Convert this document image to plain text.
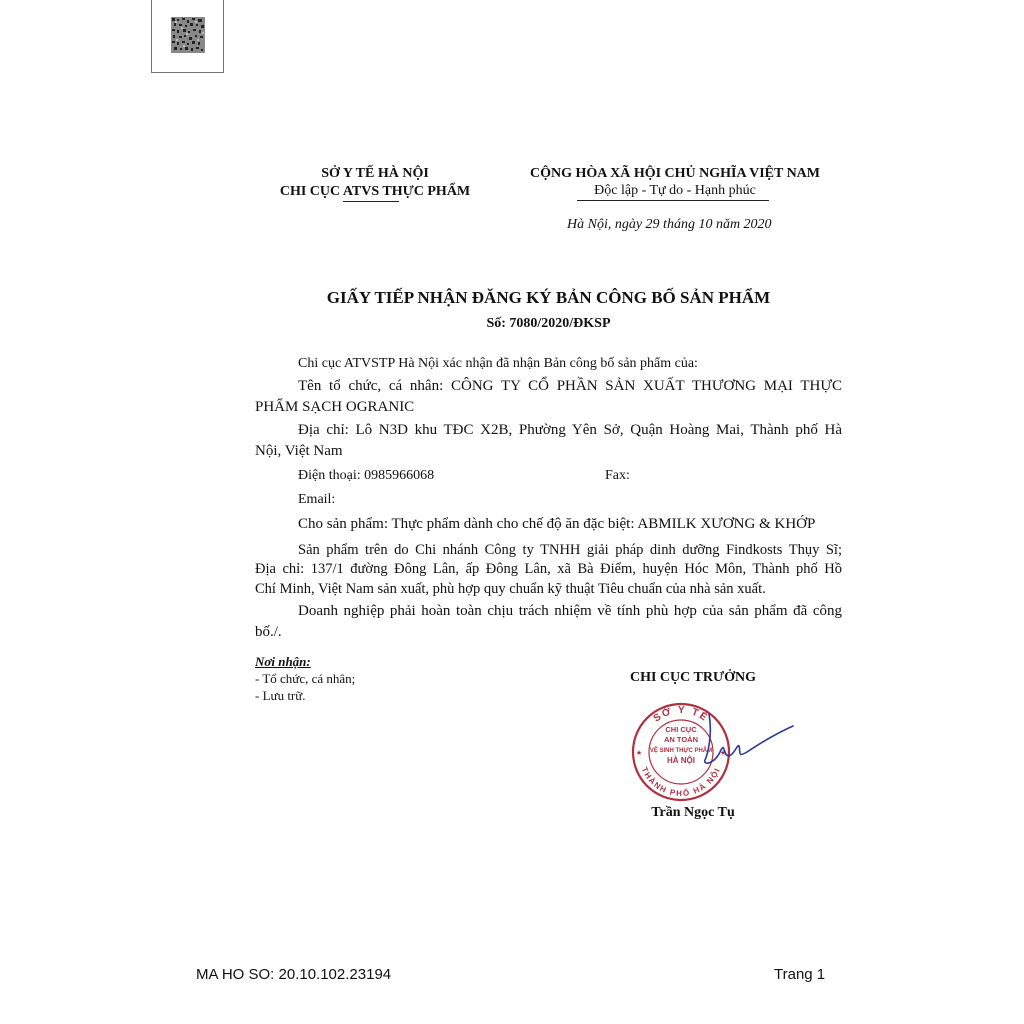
SỞ Y TẾ HÀ NỘI
CHI CỤC ATVS THỰC PHẨM
CỘNG HÒA XÃ HỘI CHỦ NGHĨA VIỆT NAM
Độc lập - Tự do - Hạnh phúc
Hà Nội, ngày 29 tháng 10 năm 2020
GIẤY TIẾP NHẬN ĐĂNG KÝ BẢN CÔNG BỐ SẢN PHẨM
Số: 7080/2020/ĐKSP
Chi cục ATVSTP Hà Nội xác nhận đã nhận Bản công bố sản phẩm của:
Tên tổ chức, cá nhân: CÔNG TY CỔ PHẦN SẢN XUẤT THƯƠNG MẠI THỰC
PHẨM SẠCH OGRANIC
Địa chỉ: Lô N3D khu TĐC X2B, Phường Yên Sở, Quận Hoàng Mai, Thành phố Hà
Nội, Việt Nam
Điện thoại: 0985966068	Fax:
Email:
Cho sản phẩm: Thực phẩm dành cho chế độ ăn đặc biệt: ABMILK XƯƠNG & KHỚP
Sản phẩm trên do Chi nhánh Công ty TNHH giải pháp dinh dưỡng Findkosts Thụy Sĩ;
Địa chỉ: 137/1 đường Đông Lân, ấp Đông Lân, xã Bà Điểm, huyện Hóc Môn, Thành phố Hồ
Chí Minh, Việt Nam sản xuất, phù hợp quy chuẩn kỹ thuật Tiêu chuẩn của nhà sản xuất.
Doanh nghiệp phải hoàn toàn chịu trách nhiệm về tính phù hợp của sản phẩm đã công
bố./.
Nơi nhận:
- Tổ chức, cá nhân;
- Lưu trữ.
CHI CỤC TRƯỞNG
SỞ Y TẾ
THÀNH PHỐ HÀ NỘI
CHI CỤC
AN TOÀN
VỆ SINH THỰC PHẨM
HÀ NỘI
★	★
Trần Ngọc Tụ
MA HO SO: 20.10.102.23194	Trang 1
